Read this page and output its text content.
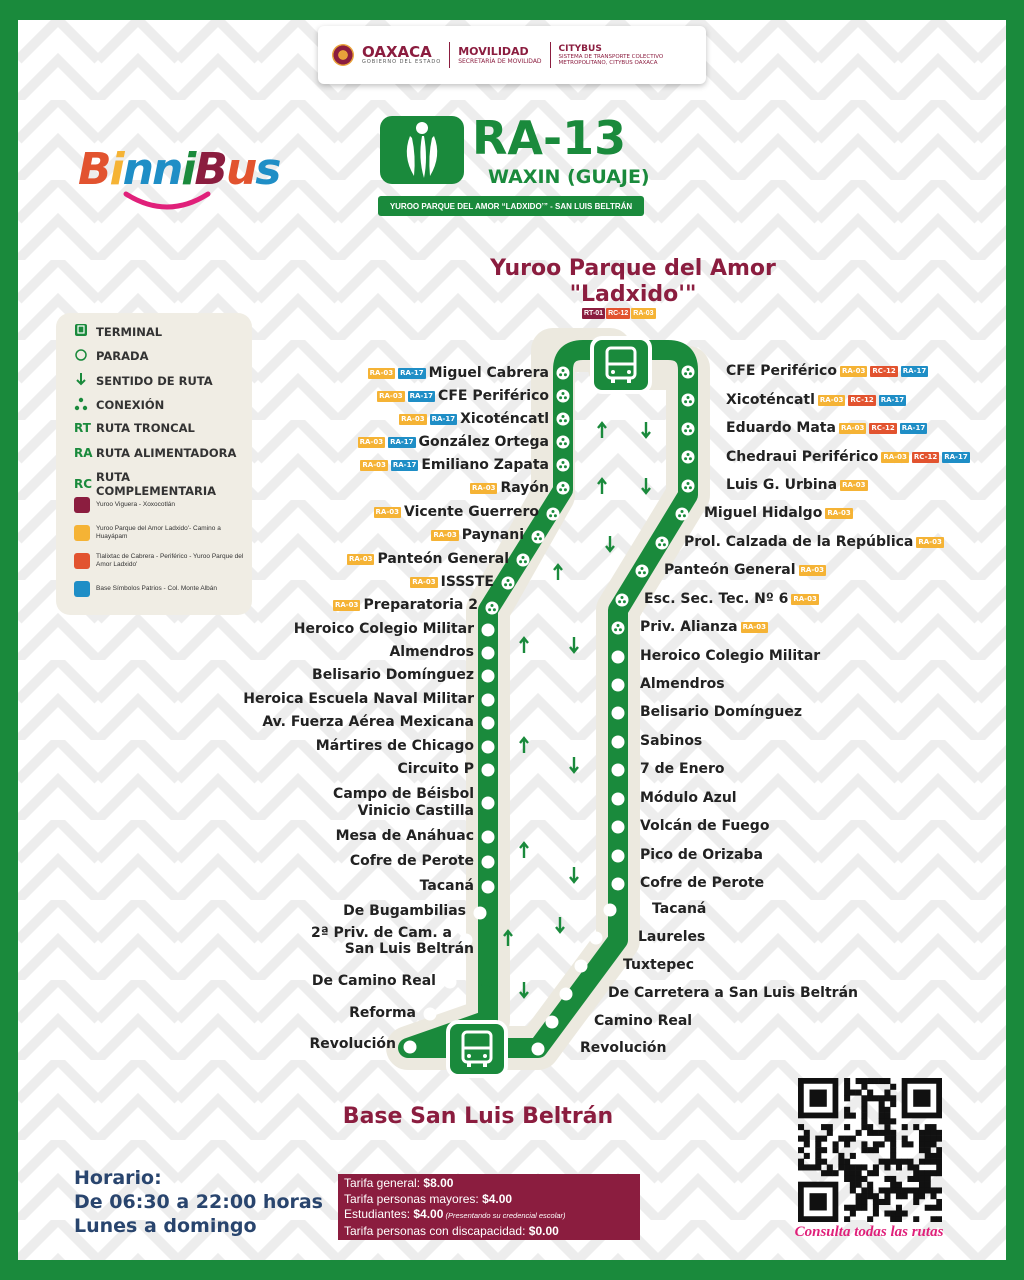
OAXACA
GOBIERNO DEL ESTADO
MOVILIDAD
SECRETARÍA DE MOVILIDAD
CITYBUS
SISTEMA DE TRANSPORTE COLECTIVO
METROPOLITANO, CITYBUS OAXACA
BinniBus
RA-13
WAXIN (GUAJE)
YUROO PARQUE DEL AMOR “LADXIDO’” - SAN LUIS BELTRÁN
Yuroo Parque del Amor "Ladxido'"
RT-01 RC-12 RA-03
Base San Luis Beltrán
TERMINAL
PARADA
SENTIDO DE RUTA
CONEXIÓN
RT RUTA TRONCAL
RA RUTA ALIMENTADORA
RC RUTA COMPLEMENTARIA
Yuroo Viguera - Xoxocotlán
Yuroo Parque del Amor Ladxido'- Camino a Huayápam
Tlalixtac de Cabrera - Periférico - Yuroo Parque del Amor Ladxido'
Base Símbolos Patrios - Col. Monte Albán
RA-03 RA-17 Miguel Cabrera
RA-03 RA-17 CFE Periférico
RA-03 RA-17 Xicoténcatl
RA-03 RA-17 González Ortega
RA-03 RA-17 Emiliano Zapata
RA-03 Rayón
RA-03 Vicente Guerrero
RA-03 Paynani
RA-03 Panteón General
RA-03 ISSSTE
RA-03 Preparatoria 2
Heroico Colegio Militar
Almendros
Belisario Domínguez
Heroica Escuela Naval Militar
Av. Fuerza Aérea Mexicana
Mártires de Chicago
Circuito P
Campo de Béisbol
Vinicio Castilla
Mesa de Anáhuac
Cofre de Perote
Tacaná
De Bugambilias
2ª Priv. de Cam. a
San Luis Beltrán
De Camino Real
Reforma
Revolución
CFE Periférico RA-03 RC-12 RA-17
Xicoténcatl RA-03 RC-12 RA-17
Eduardo Mata RA-03 RC-12 RA-17
Chedraui Periférico RA-03 RC-12 RA-17
Luis G. Urbina RA-03
Miguel Hidalgo RA-03
Prol. Calzada de la República RA-03
Panteón General RA-03
Esc. Sec. Tec. Nº 6 RA-03
Priv. Alianza RA-03
Heroico Colegio Militar
Almendros
Belisario Domínguez
Sabinos
7 de Enero
Módulo Azul
Volcán de Fuego
Pico de Orizaba
Cofre de Perote
Tacaná
Laureles
Tuxtepec
De Carretera a San Luis Beltrán
Camino Real
Revolución
Horario:
De 06:30 a 22:00 horas
Lunes a domingo
Tarifa general: $8.00
Tarifa personas mayores: $4.00
Estudiantes: $4.00 (Presentando su credencial escolar)
Tarifa personas con discapacidad: $0.00	Consulta todas las rutas
